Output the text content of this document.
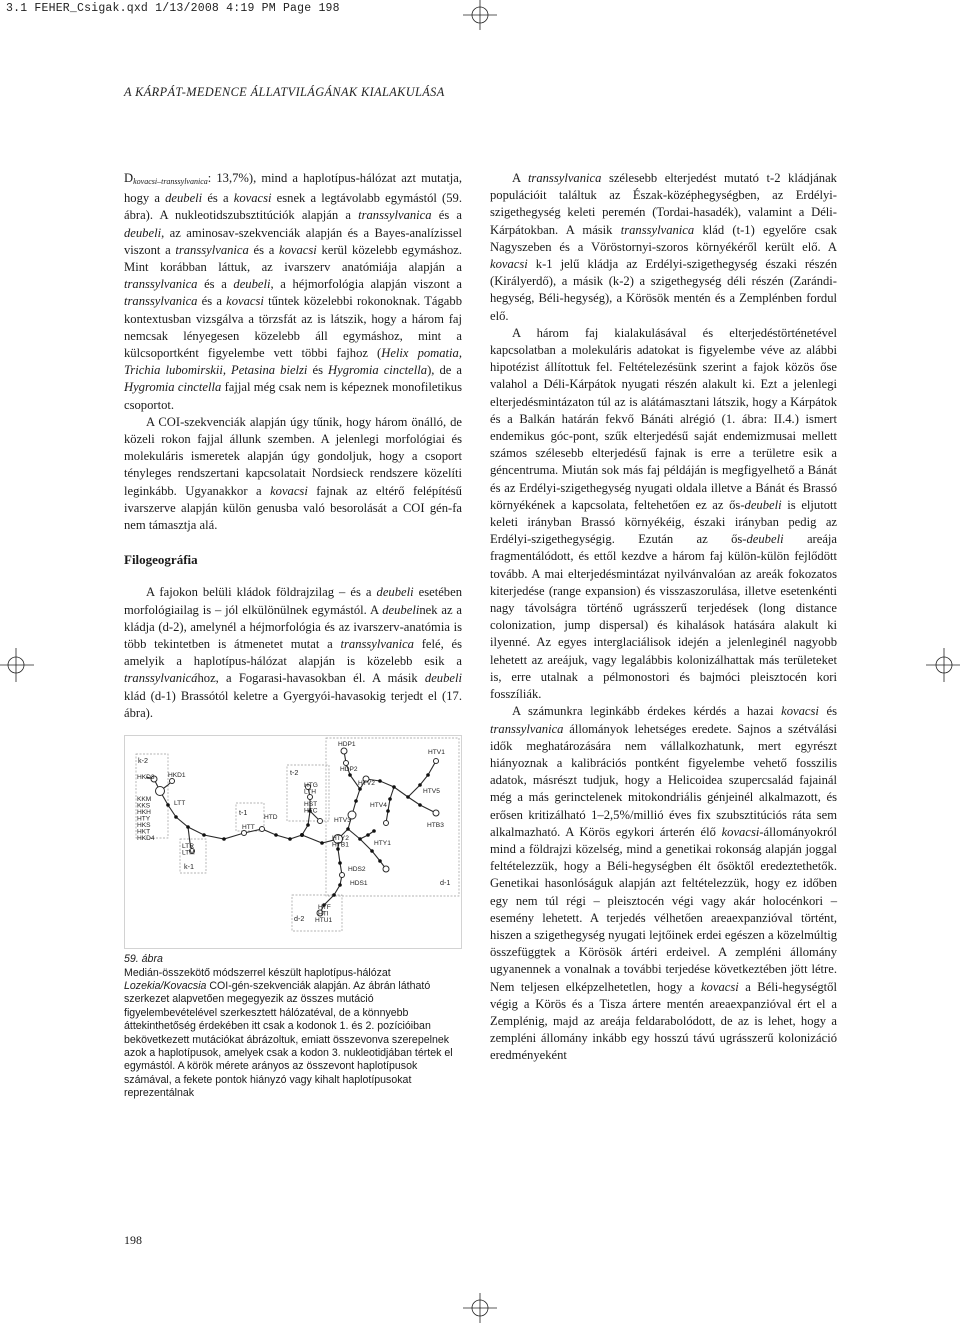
3.1 FEHER_Csigak.qxd 1/13/2008 4:19 PM Page 198
A KÁRPÁT-MEDENCE ÁLLATVILÁGÁNAK KIALAKULÁSA

$D_{kovacsi-transsylvanica}$: 13,7%), mind a haplotípus-hálózat azt mutatja, hogy a deubeli és a kovacsi esnek a legtávolabb egymástól (59. ábra). A nukleotidszubsztitúciók alapján a transsylvanica és a deubeli, az aminosav-szekvenciák alapján és a Bayes-analízissel viszont a transsylvanica és a kovacsi kerül közelebb egymáshoz. Mint korábban láttuk, az ivarszerv anatómiája alapján a transsylvanica és a deubeli, a héjmorfológia alapján viszont a transsylvanica és a kovacsi tűntek közelebbi rokonoknak. Tágabb kontextusban vizsgálva a törzsfát az is látszik, hogy a három faj nemcsak lényegesen közelebb áll egymáshoz, mint a külcsoportként figyelembe vett többi fajhoz (Helix pomatia, Trichia lubomirskii, Petasina bielzi és Hygromia cinctella), de a Hygromia cinctella fajjal még csak nem is képeznek monofiletikus csoportot.

A COI-szekvenciák alapján úgy tűnik, hogy három önálló, de közeli rokon fajjal állunk szemben. A jelenlegi morfológiai és molekuláris ismeretek alapján úgy gondoljuk, hogy a csoport tényleges rendszertani kapcsolatait Nordsieck rendszere közelíti leginkább. Ugyanakkor a kovacsi fajnak az eltérő felépítésű ivarszerve alapján külön genusba való besorolását a COI gén-fa nem támasztja alá.

Filogeográfia

A fajokon belüli kládok földrajzilag – és a deubeli esetében morfológiailag is – jól elkülönülnek egymástól. A deubelinek az a kládja (d-2), amelynél a héjmorfológia és az ivarszerv-anatómia is több tekintetben is átmenetet mutat a transsylvanica felé, és amelyik a haplotípus-hálózat alapján is közelebb esik a transsylvanicához, a Fogarasi-havasokban él. A másik deubeli klád (d-1) Brassótól keletre a Gyergyói-havasokig terjedt el (17. ábra).

k-2
HKD3 HKD1
KKM
KKS
HKH
HTY
HKS
HKT
HKD4
LTT
LTR
LTM
k-1
t-1
HTT
HTD
t-2
HTG
LTH
HST
HTC
HDP1
HDP2
HTV1
HTV2
HTV5
HTV4
HTV3
HTB3
HTY2
HTB1	HTY1
HDS2
HDS1	d-1
d-2
HTF
HTI
HTU1
59. ábra
Medián-összekötő módszerrel készült haplotípus-hálózat Lozekia/Kovacsia COI-gén-szekvenciák alapján. Az ábrán látható szerkezet alapvetően megegyezik az összes mutáció figyelembevételével szerkesztett hálózatéval, de a könnyebb áttekinthetőség érdekében itt csak a kodonok 1. és 2. pozícióiban bekövetkezett mutációkat ábrázoltuk, emiatt összevonva szerepelnek azok a haplotípusok, amelyek csak a kodon 3. nukleotidjában tértek el egymástól. A körök mérete arányos az összevont haplotípusok számával, a fekete pontok hiányzó vagy kihalt haplotípusokat reprezentálnak

A transsylvanica szélesebb elterjedést mutató t-2 kládjának populációit találtuk az Észak-középhegységben, az Erdélyi-szigethegység keleti peremén (Tordai-hasadék), valamint a Déli-Kárpátokban. A másik transsylvanica klád (t-1) egyelőre csak Nagyszeben és a Vöröstornyi-szoros környékéről került elő. A kovacsi k-1 jelű kládja az Erdélyi-szigethegység északi részén (Királyerdő), a másik (k-2) a szigethegység déli részén (Zarándi-hegység, Béli-hegység), a Körösök mentén és a Zemplénben fordul elő.

A három faj kialakulásával és elterjedéstörténetével kapcsolatban a molekuláris adatokat is figyelembe véve az alábbi hipotézist állítottuk fel. Feltételezésünk szerint a fajok közös őse valahol a Déli-Kárpátok nyugati részén alakult ki. Ezt a jelenlegi elterjedésmintázaton túl az is alátámasztani látszik, hogy a Kárpátok és a Balkán határán fekvő Bánáti alrégió (1. ábra: II.4.) ismert endemikus góc-pont, szűk elterjedésű saját endemizmusai mellett számos szélesebb elterjedésű fajnak is erre a területre esik a géncentruma. Miután sok más faj példáján is megfigyelhető a Bánát és az Erdélyi-szigethegység nyugati oldala illetve a Bánát és Brassó környékének a kapcsolata, feltehetően ez az ős-deubeli is eljutott keleti irányban Brassó környékéig, északi irányban pedig az Erdélyi-szigethegységig. Ezután az ős-deubeli areája fragmentálódott, és ettől kezdve a három faj külön-külön fejlődött tovább. A mai elterjedésmintázat nyilvánvalóan az areák fokozatos kiterjedése (range expansion) és visszaszorulása, illetve esetenkénti nagy távolságra történő ugrásszerű terjedések (long distance colonization, jump dispersal) és kihalások hatására alakult ki ilyenné. Az egyes interglaciálisok idején a jelenleginél nagyobb lehetett az areájuk, vagy legalábbis kolonizálhattak más területeket is, erre utalnak a pélmonostori és bajmóci pleisztocén kori fosszíliák.

A számunkra leginkább érdekes kérdés a hazai kovacsi és transsylvanica állományok lehetséges eredete. Sajnos a szétválási idők meghatározására nem vállalkozhatunk, mert egyrészt hiányoznak a kalibrációs pontként figyelembe vehető fosszilis adatok, másrészt tudjuk, hogy a Helicoidea szupercsalád fajainál még a más gerinctelenek mitokondriális génjeinél alkalmazott, és erősen kritizálható 1–2,5%/millió éves fix szubsztitúciós ráta sem alkalmazható. A Körös egykori árterén élő kovacsi-állományokról mind a földrajzi közelség, mind a genetikai rokonság alapján joggal feltételezzük, hogy a Béli-hegységben élt ősöktől eredeztethetők. Genetikai hasonlóságuk alapján azt feltételezzük, hogy ez időben egy nem túl régi – pleisztocén végi vagy akár holocénkori – esemény lehetett. A terjedés vélhetően areaexpanzióval történt, hiszen a szigethegység nyugati lejtőinek erdei egészen a közelmúltig összefüggtek a Körösök ártéri erdeivel. A zempléni állomány ugyanennek a vonalnak a további terjedése következtében jött létre. Nem teljesen elképzelhetetlen, hogy a kovacsi a Béli-hegységtől végig a Körös és a Tisza ártere mentén areaexpanzióval ért el a Zemplénig, majd az areája feldarabolódott, de az is lehet, hogy a zempléni állomány inkább egy hosszú távú ugrásszerű kolonizáció eredményeként

198
